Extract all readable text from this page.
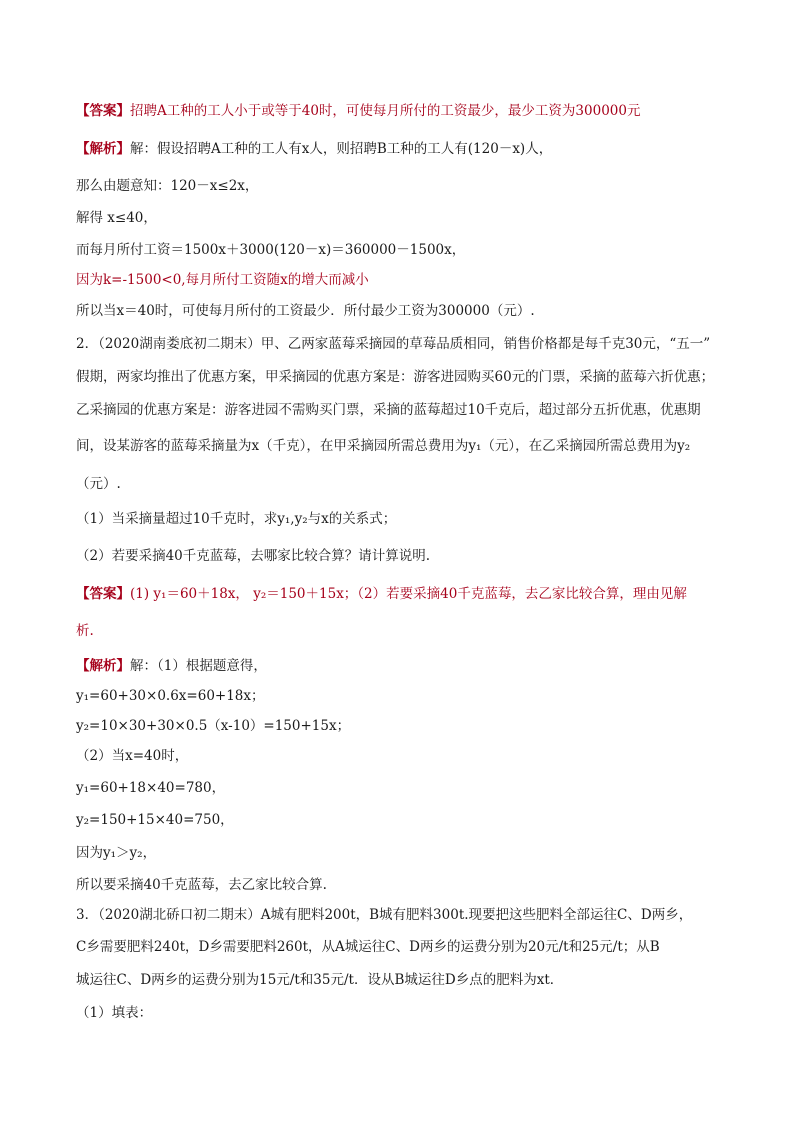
【答案】招聘A工种的工人小于或等于40时，可使每月所付的工资最少，最少工资为300000元
【解析】解：假设招聘A工种的工人有x人，则招聘B工种的工人有(120－x)人，
那么由题意知：120－x≤2x，
解得 x≤40，
而每月所付工资＝1500x＋3000(120－x)＝360000－1500x，
因为k=-1500<0,每月所付工资随x的增大而减小
所以当x＝40时，可使每月所付的工资最少．所付最少工资为300000（元）.
2．（2020湖南娄底初二期末）甲、乙两家蓝莓采摘园的草莓品质相同，销售价格都是每千克30元，“五一”
假期，两家均推出了优惠方案，甲采摘园的优惠方案是：游客进园购买60元的门票，采摘的蓝莓六折优惠；
乙采摘园的优惠方案是：游客进园不需购买门票，采摘的蓝莓超过10千克后，超过部分五折优惠，优惠期
间，设某游客的蓝莓采摘量为x（千克），在甲采摘园所需总费用为y₁（元），在乙采摘园所需总费用为y₂
（元）.
（1）当采摘量超过10千克时，求y₁,y₂与x的关系式；
（2）若要采摘40千克蓝莓，去哪家比较合算？请计算说明.
【答案】(1) y₁＝60＋18x， y₂＝150＋15x；（2）若要采摘40千克蓝莓，去乙家比较合算，理由见解
析.
【解析】解：（1）根据题意得，
y₁=60+30×0.6x=60+18x；
y₂=10×30+30×0.5（x-10）=150+15x；
（2）当x=40时，
y₁=60+18×40=780，
y₂=150+15×40=750，
因为y₁＞y₂，
所以要采摘40千克蓝莓，去乙家比较合算.
3．（2020湖北硚口初二期末）A城有肥料200t，B城有肥料300t.现要把这些肥料全部运往C、D两乡，
C乡需要肥料240t，D乡需要肥料260t，从A城运往C、D两乡的运费分别为20元/t和25元/t；从B
城运往C、D两乡的运费分别为15元/t和35元/t．设从B城运往D乡点的肥料为xt．
（1）填表：
